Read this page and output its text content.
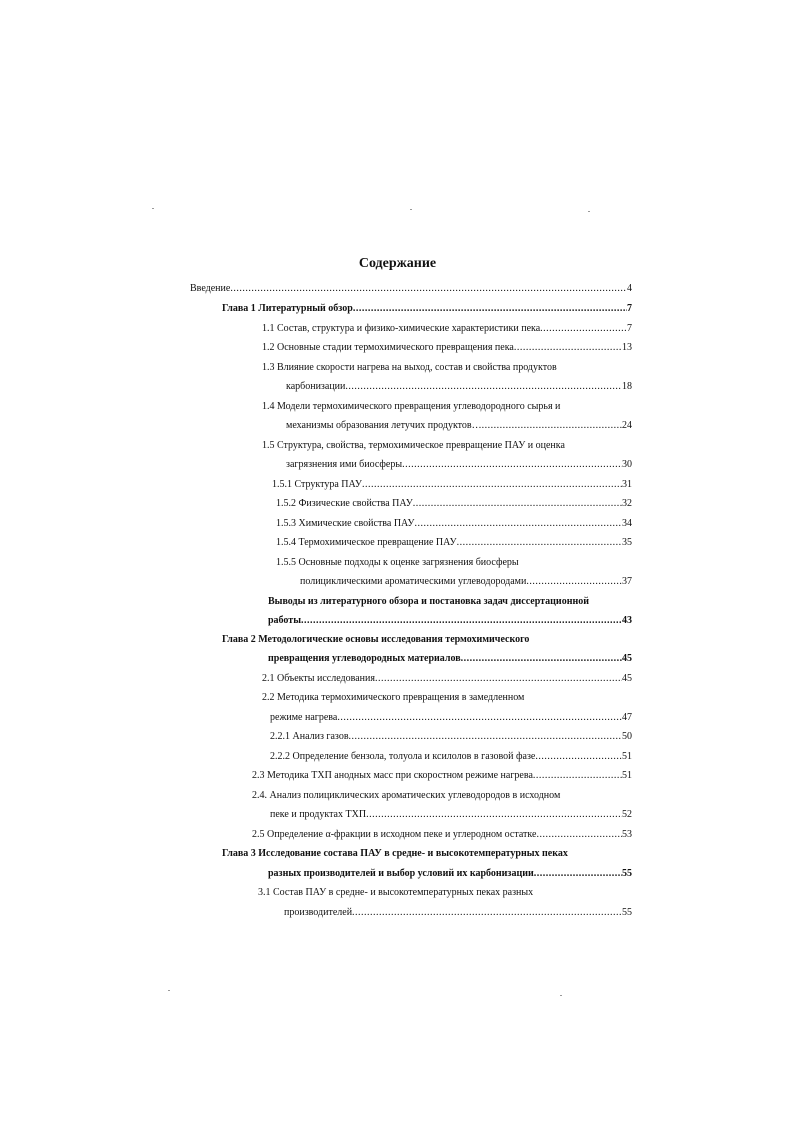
Содержание
Введение .....	4
Глава 1 Литературный обзор .....	7
1.1 Состав, структура и физико-химические характеристики пека .....	7
1.2 Основные стадии термохимического превращения пека .....	13
1.3 Влияние скорости нагрева на выход, состав и свойства продуктов
карбонизации .....	18
1.4 Модели термохимического превращения углеводородного сырья и
механизмы образования летучих продуктов… .....	24
1.5 Структура, свойства, термохимическое превращение ПАУ и оценка
загрязнения ими биосферы .....	30
1.5.1 Структура ПАУ .....	31
1.5.2 Физические свойства ПАУ .....	32
1.5.3 Химические свойства ПАУ .....	34
1.5.4 Термохимическое превращение ПАУ .....	35
1.5.5 Основные подходы к оценке загрязнения биосферы
полициклическими ароматическими углеводородами .....	37
Выводы из литературного обзора и постановка задач диссертационной
работы .....	43
Глава 2 Методологические основы исследования термохимического
превращения углеводородных материалов .....	45
2.1 Объекты исследования .....	45
2.2 Методика термохимического превращения в замедленном
режиме нагрева .....	47
2.2.1 Анализ газов .....	50
2.2.2 Определение бензола, толуола и ксилолов в газовой фазе .....	51
2.3 Методика ТХП анодных масс при скоростном режиме нагрева .....	51
2.4. Анализ полициклических ароматических углеводородов в исходном
пеке и продуктах ТХП .....	52
2.5 Определение α-фракции в исходном пеке и углеродном остатке .....	53
Глава 3 Исследование состава ПАУ в средне- и высокотемпературных пеках
разных производителей и выбор условий их карбонизации .....	55
3.1 Состав ПАУ в средне- и высокотемпературных пеках разных
производителей .....	55
